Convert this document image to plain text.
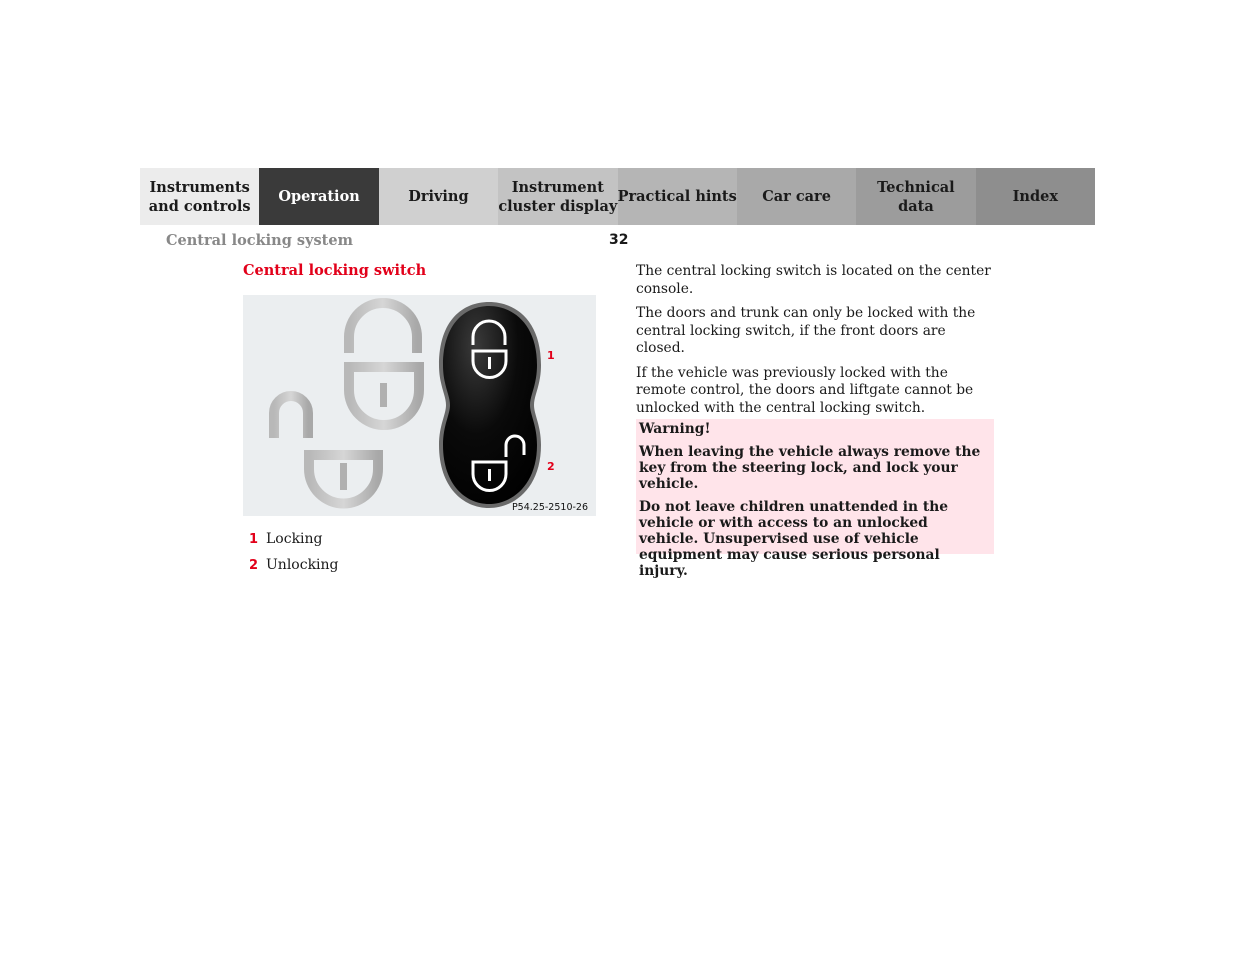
Instruments
and controls
Operation	Driving
Instrument
cluster display
Practical hints	Car care
Technical
data
Index
Central locking system	32
Central locking switch
1
2
P54.25-2510-26
1 Locking
2 Unlocking

The central locking switch is located on the center console.

The doors and trunk can only be locked with the central locking switch, if the front doors are closed.

If the vehicle was previously locked with the remote control, the doors and liftgate cannot be unlocked with the central locking switch.

Warning!

When leaving the vehicle always remove the key from the steering lock, and lock your vehicle.

Do not leave children unattended in the vehicle or with access to an unlocked vehicle. Unsupervised use of vehicle equipment may cause serious personal injury.
